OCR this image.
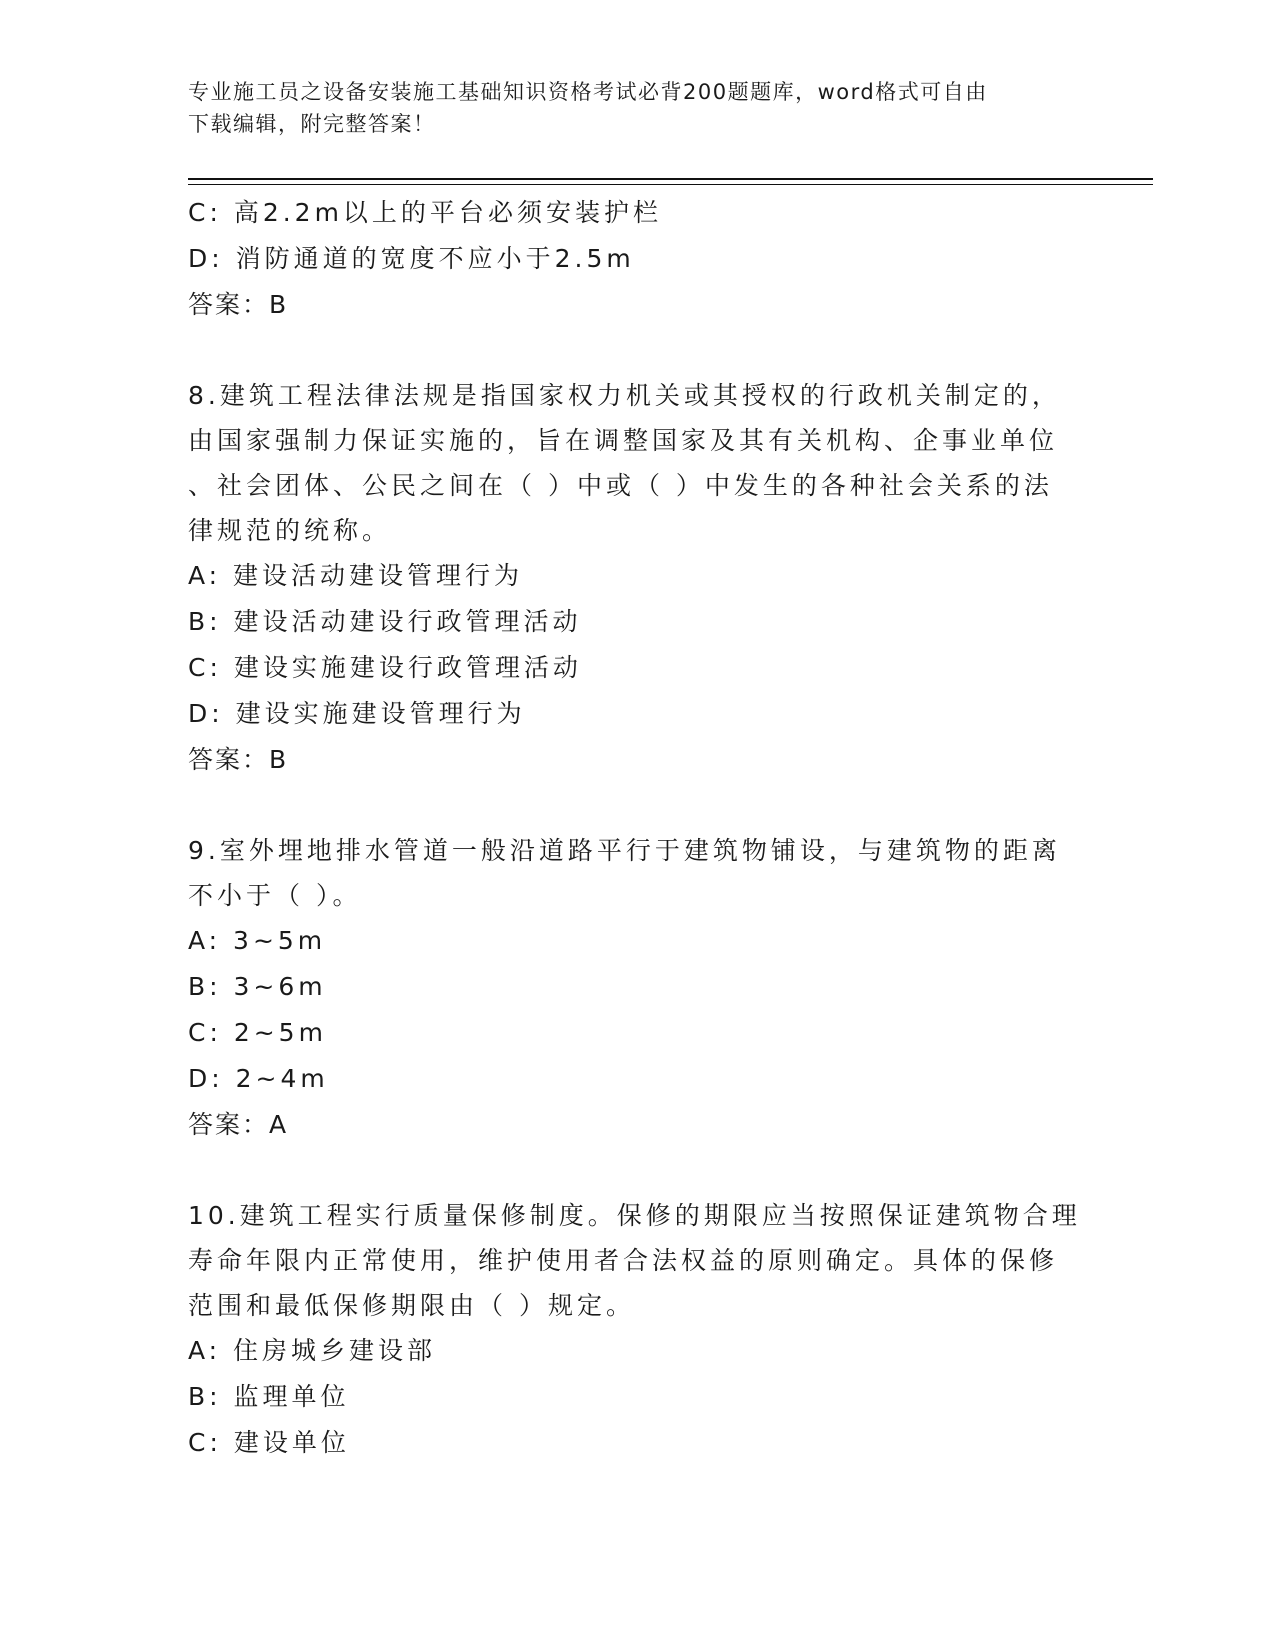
专业施工员之设备安装施工基础知识资格考试必背200题题库，word格式可自由
下载编辑，附完整答案！
C: 高2.2m以上的平台必须安装护栏
D: 消防通道的宽度不应小于2.5m
答案：B
8.建筑工程法律法规是指国家权力机关或其授权的行政机关制定的，
由国家强制力保证实施的，旨在调整国家及其有关机构、企事业单位
、社会团体、公民之间在（ ）中或（ ）中发生的各种社会关系的法
律规范的统称。
A: 建设活动建设管理行为
B: 建设活动建设行政管理活动
C: 建设实施建设行政管理活动
D: 建设实施建设管理行为
答案：B
9.室外埋地排水管道一般沿道路平行于建筑物铺设，与建筑物的距离
不小于（ ）。
A: 3~5m
B: 3~6m
C: 2~5m
D: 2~4m
答案：A
10.建筑工程实行质量保修制度。保修的期限应当按照保证建筑物合理
寿命年限内正常使用，维护使用者合法权益的原则确定。具体的保修
范围和最低保修期限由（ ）规定。
A: 住房城乡建设部
B: 监理单位
C: 建设单位
